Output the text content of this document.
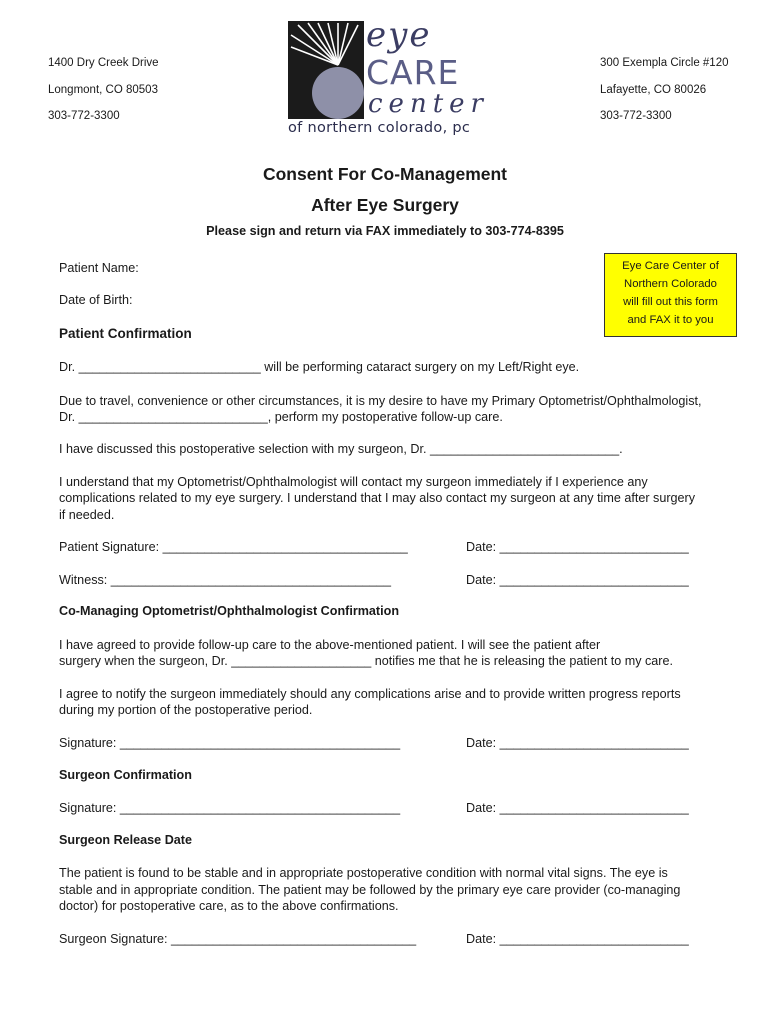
1400 Dry Creek Drive
Longmont, CO 80503
303-772-3300
300 Exempla Circle #120
Lafayette, CO 80026
303-772-3300
eye
CARE
center
of northern colorado, pc
Consent For Co-Management
After Eye Surgery
Please sign and return via FAX immediately to 303-774-8395
Eye Care Center of
Northern Colorado
will fill out this form
and FAX it to you
Patient Name:
Date of Birth:
Patient Confirmation
Dr. __________________________ will be performing cataract surgery on my Left/Right eye.
Due to travel, convenience or other circumstances, it is my desire to have my Primary Optometrist/Ophthalmologist,
Dr. ___________________________, perform my postoperative follow-up care.
I have discussed this postoperative selection with my surgeon, Dr. ___________________________.
I understand that my Optometrist/Ophthalmologist will contact my surgeon immediately if I experience any
complications related to my eye surgery. I understand that I may also contact my surgeon at any time after surgery
if needed.
Patient Signature: ___________________________________	Date: ___________________________
Witness: ________________________________________	Date: ___________________________
Co-Managing Optometrist/Ophthalmologist Confirmation
I have agreed to provide follow-up care to the above-mentioned patient. I will see the patient after
surgery when the surgeon, Dr. ____________________ notifies me that he is releasing the patient to my care.
I agree to notify the surgeon immediately should any complications arise and to provide written progress reports
during my portion of the postoperative period.
Signature: ________________________________________	Date: ___________________________
Surgeon Confirmation
Signature: ________________________________________	Date: ___________________________
Surgeon Release Date
The patient is found to be stable and in appropriate postoperative condition with normal vital signs. The eye is
stable and in appropriate condition. The patient may be followed by the primary eye care provider (co-managing
doctor) for postoperative care, as to the above confirmations.
Surgeon Signature: ___________________________________	Date: ___________________________
